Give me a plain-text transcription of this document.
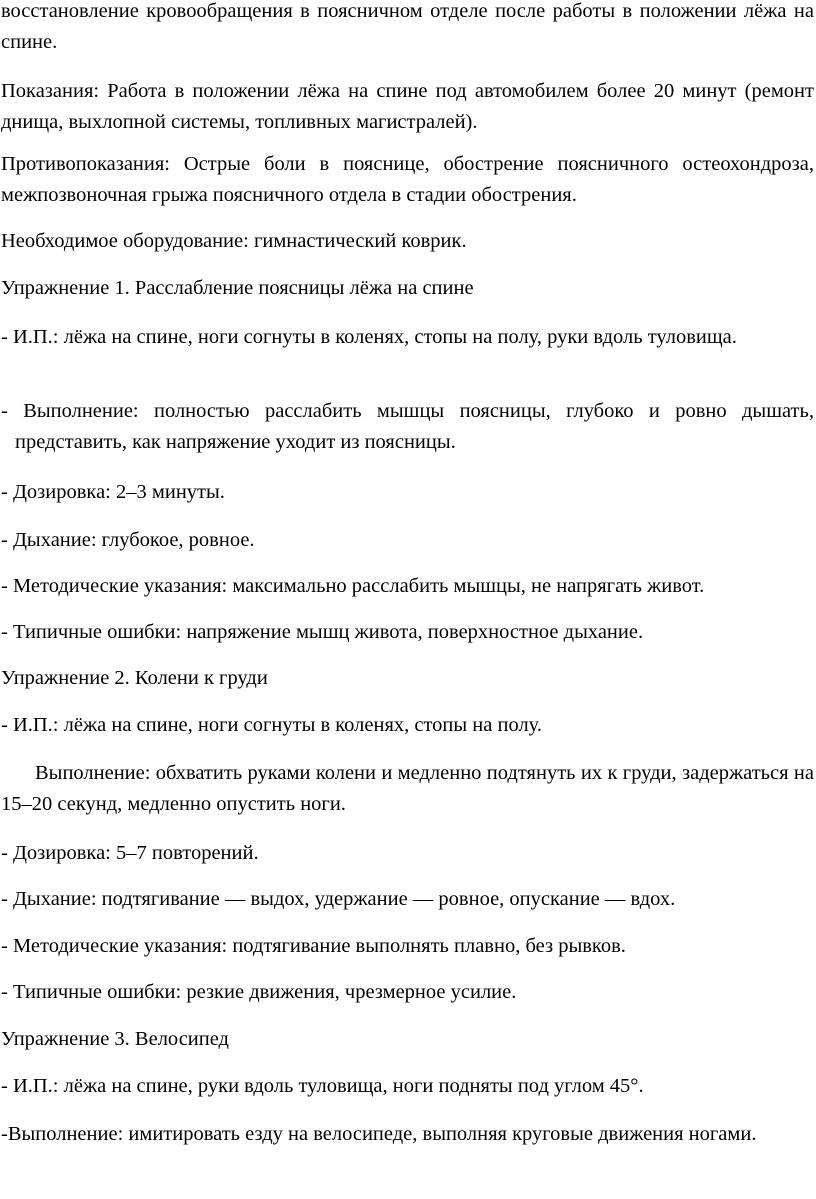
восстановление кровообращения в поясничном отделе после работы в положении лёжа на спине.

Показания: Работа в положении лёжа на спине под автомобилем более 20 минут (ремонт днища, выхлопной системы, топливных магистралей).

Противопоказания: Острые боли в пояснице, обострение поясничного остеохондроза, межпозвоночная грыжа поясничного отдела в стадии обострения.

Необходимое оборудование: гимнастический коврик.

Упражнение 1. Расслабление поясницы лёжа на спине

- И.П.: лёжа на спине, ноги согнуты в коленях, стопы на полу, руки вдоль туловища.

- Выполнение: полностью расслабить мышцы поясницы, глубоко и ровно дышать, представить, как напряжение уходит из поясницы.

- Дозировка: 2–3 минуты.

- Дыхание: глубокое, ровное.

- Методические указания: максимально расслабить мышцы, не напрягать живот.

- Типичные ошибки: напряжение мышц живота, поверхностное дыхание.

Упражнение 2. Колени к груди

- И.П.: лёжа на спине, ноги согнуты в коленях, стопы на полу.

Выполнение: обхватить руками колени и медленно подтянуть их к груди, задержаться на 15–20 секунд, медленно опустить ноги.

- Дозировка: 5–7 повторений.

- Дыхание: подтягивание — выдох, удержание — ровное, опускание — вдох.

- Методические указания: подтягивание выполнять плавно, без рывков.

- Типичные ошибки: резкие движения, чрезмерное усилие.

Упражнение 3. Велосипед

- И.П.: лёжа на спине, руки вдоль туловища, ноги подняты под углом 45°.

-Выполнение: имитировать езду на велосипеде, выполняя круговые движения ногами.
